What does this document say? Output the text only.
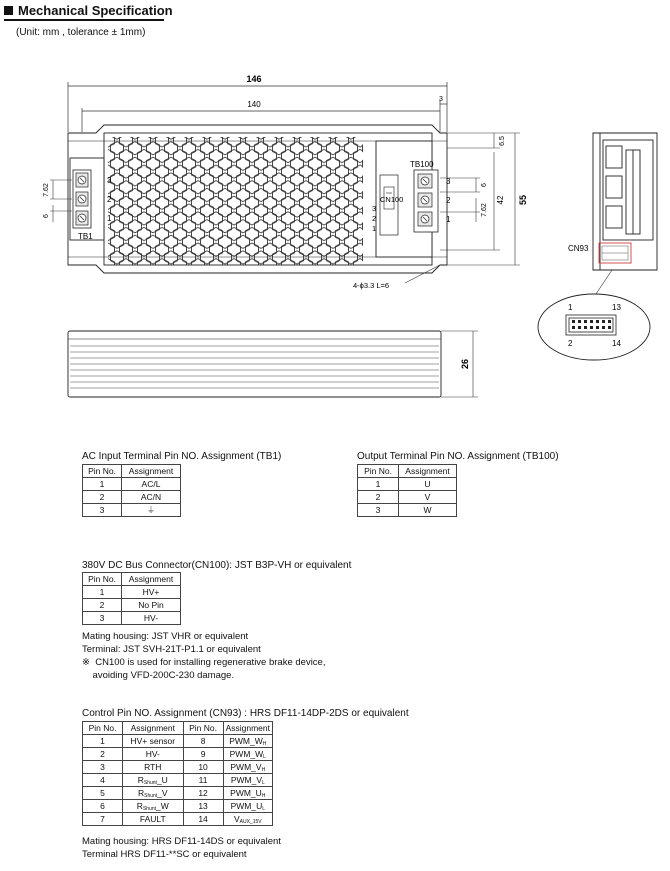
Mechanical Specification
(Unit: mm , tolerance ± 1mm)
146
140
3
3
2
1
TB1
7.62
6
TB100
CN100
3
2
1
3
2
1
6.5
42 55
6
7.62
4-ϕ3.3 L=6
CN93
1	13
2	14
26
AC Input Terminal Pin NO. Assignment (TB1)
Pin No.	Assignment
1	AC/L
2	AC/N
3	⏚
Output Terminal Pin NO. Assignment (TB100)
Pin No.	Assignment
1	U
2	V
3	W
380V DC Bus Connector(CN100): JST B3P-VH or equivalent
Pin No.	Assignment
1	HV+
2	No Pin
3	HV-
Mating housing: JST VHR or equivalent
Terminal: JST SVH-21T-P1.1 or equivalent
※  CN100 is used for installing regenerative brake device,
avoiding VFD-200C-230 damage.
Control Pin NO. Assignment (CN93) : HRS DF11-14DP-2DS or equivalent
Pin No.	Assignment	Pin No.	Assignment
1	HV+ sensor	8	$PWM\_W_H$
2	HV-	9	$PWM\_W_L$
3	RTH	10	$PWM\_V_H$
4	$R_{Shunt}\_U$	11	$PWM\_V_L$
5	$R_{Shunt}\_V$	12	$PWM\_U_H$
6	$R_{Shunt}\_W$	13	$PWM\_U_L$
7	FAULT	14	$V_{AUX\_15V}$
Mating housing: HRS DF11-14DS or equivalent
Terminal HRS DF11-**SC or equivalent
